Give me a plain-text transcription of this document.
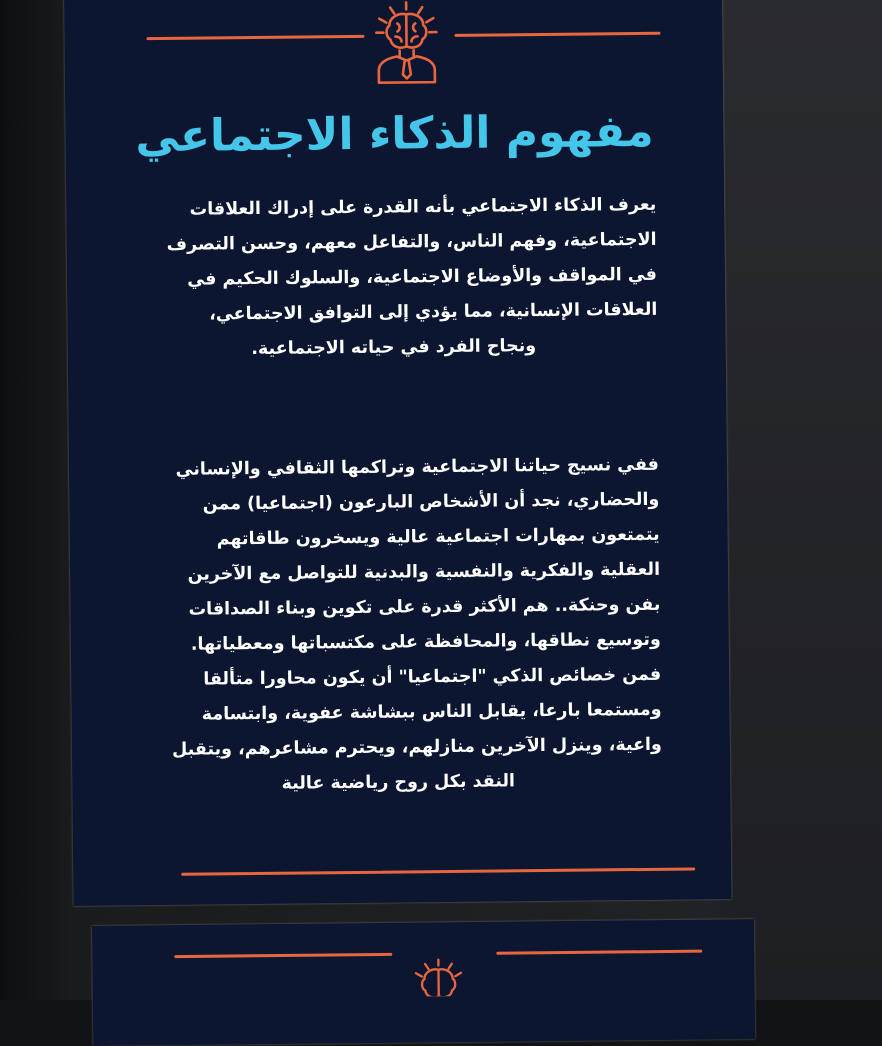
مفهوم الذكاء الاجتماعي
يعرف الذكاء الاجتماعي بأنه القدرة على إدراك العلاقات
الاجتماعية، وفهم الناس، والتفاعل معهم، وحسن التصرف
في المواقف والأوضاع الاجتماعية، والسلوك الحكيم في
العلاقات الإنسانية، مما يؤدي إلى التوافق الاجتماعي،
ونجاح الفرد في حياته الاجتماعية.
ففي نسيج حياتنا الاجتماعية وتراكمها الثقافي والإنساني
والحضاري، نجد أن الأشخاص البارعون (اجتماعيا) ممن
يتمتعون بمهارات اجتماعية عالية ويسخرون طاقاتهم
العقلية والفكرية والنفسية والبدنية للتواصل مع الآخرين
بفن وحنكة.. هم الأكثر قدرة على تكوين وبناء الصداقات
وتوسيع نطاقها، والمحافظة على مكتسباتها ومعطياتها.
فمن خصائص الذكي "اجتماعيا" أن يكون محاورا متألقا
ومستمعا بارعا، يقابل الناس ببشاشة عفوية، وابتسامة
واعية، وينزل الآخرين منازلهم، ويحترم مشاعرهم، ويتقبل
النقد بكل روح رياضية عالية
